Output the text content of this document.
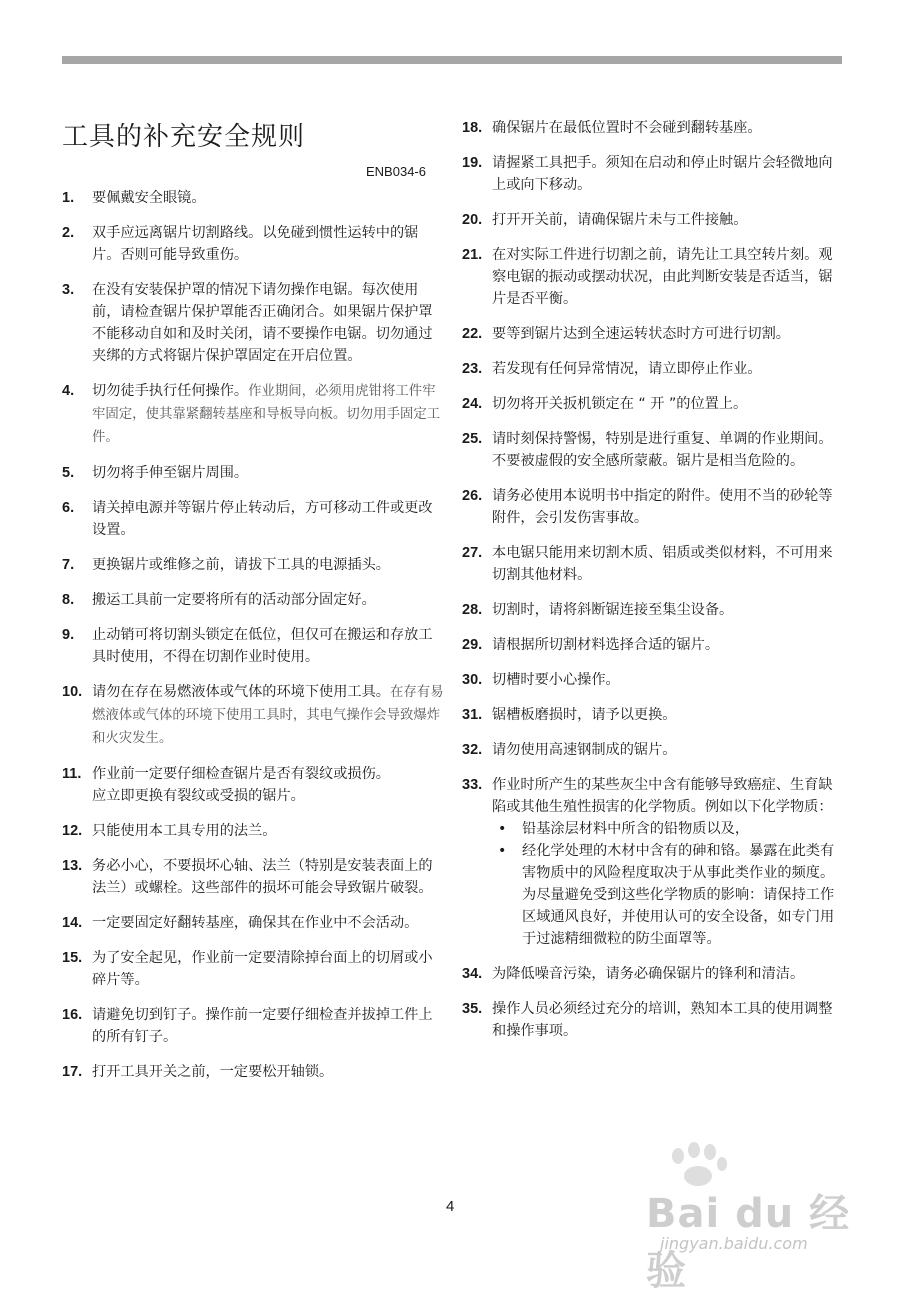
工具的补充安全规则
ENB034-6
1.	要佩戴安全眼镜。
2.	双手应远离锯片切割路线。以免碰到惯性运转中的锯片。否则可能导致重伤。
3.	在没有安装保护罩的情况下请勿操作电锯。每次使用前，请检查锯片保护罩能否正确闭合。如果锯片保护罩不能移动自如和及时关闭，请不要操作电锯。切勿通过夹绑的方式将锯片保护罩固定在开启位置。
4.	切勿徒手执行任何操作。作业期间，必须用虎钳将工件牢牢固定，使其靠紧翻转基座和导板导向板。切勿用手固定工件。
5.	切勿将手伸至锯片周围。
6.	请关掉电源并等锯片停止转动后，方可移动工件或更改设置。
7.	更换锯片或维修之前，请拔下工具的电源插头。
8.	搬运工具前一定要将所有的活动部分固定好。
9.	止动销可将切割头锁定在低位，但仅可在搬运和存放工具时使用，不得在切割作业时使用。
10. 请勿在存在易燃液体或气体的环境下使用工具。在存有易燃液体或气体的环境下使用工具时，其电气操作会导致爆炸和火灾发生。
11. 作业前一定要仔细检查锯片是否有裂纹或损伤。
应立即更换有裂纹或受损的锯片。
12. 只能使用本工具专用的法兰。
13. 务必小心，不要损坏心轴、法兰（特别是安装表面上的法兰）或螺栓。这些部件的损坏可能会导致锯片破裂。
14. 一定要固定好翻转基座，确保其在作业中不会活动。
15. 为了安全起见，作业前一定要清除掉台面上的切屑或小碎片等。
16. 请避免切到钉子。操作前一定要仔细检查并拔掉工件上的所有钉子。
17. 打开工具开关之前，一定要松开轴锁。
18. 确保锯片在最低位置时不会碰到翻转基座。
19. 请握紧工具把手。须知在启动和停止时锯片会轻微地向上或向下移动。
20. 打开开关前，请确保锯片未与工件接触。
21. 在对实际工件进行切割之前，请先让工具空转片刻。观察电锯的振动或摆动状况，由此判断安装是否适当，锯片是否平衡。
22. 要等到锯片达到全速运转状态时方可进行切割。
23. 若发现有任何异常情况，请立即停止作业。
24. 切勿将开关扳机锁定在 “ 开 ”的位置上。
25. 请时刻保持警惕，特别是进行重复、单调的作业期间。不要被虚假的安全感所蒙蔽。锯片是相当危险的。
26. 请务必使用本说明书中指定的附件。使用不当的砂轮等附件，会引发伤害事故。
27. 本电锯只能用来切割木质、铝质或类似材料，不可用来切割其他材料。
28. 切割时，请将斜断锯连接至集尘设备。
29. 请根据所切割材料选择合适的锯片。
30. 切槽时要小心操作。
31. 锯槽板磨损时，请予以更换。
32. 请勿使用高速钢制成的锯片。
33. 作业时所产生的某些灰尘中含有能够导致癌症、生育缺陷或其他生殖性损害的化学物质。例如以下化学物质：
•	铅基涂层材料中所含的铅物质以及，
•	经化学处理的木材中含有的砷和铬。暴露在此类有害物质中的风险程度取决于从事此类作业的频度。为尽量避免受到这些化学物质的影响：请保持工作区域通风良好，并使用认可的安全设备，如专门用于过滤精细微粒的防尘面罩等。
34. 为降低噪音污染，请务必确保锯片的锋利和清洁。
35. 操作人员必须经过充分的培训，熟知本工具的使用调整和操作事项。
4	Bai du 经验
jingyan.baidu.com
